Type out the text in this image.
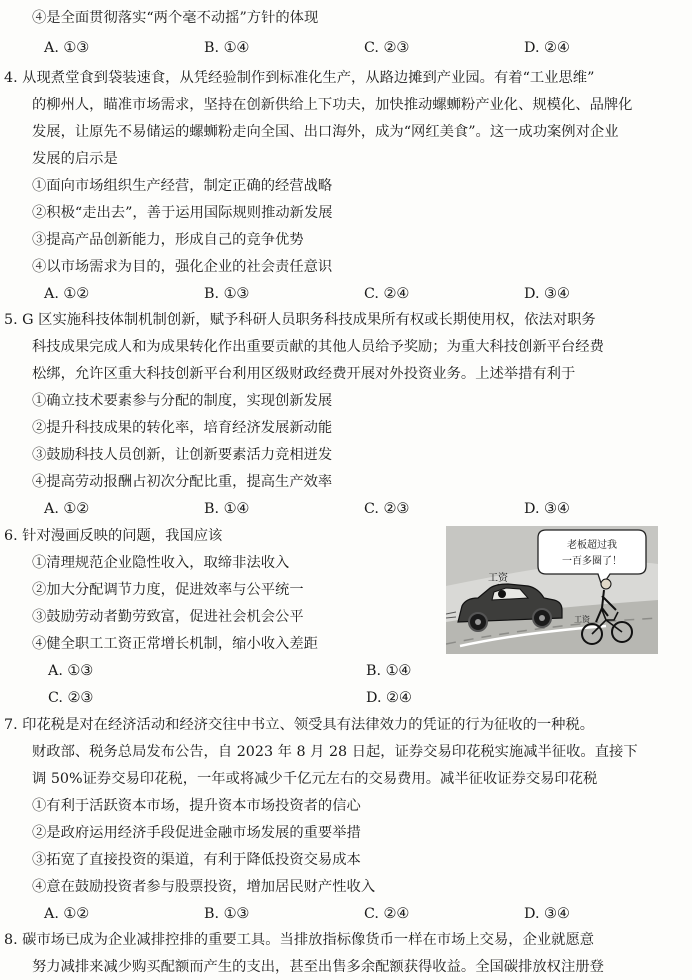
④是全面贯彻落实“两个毫不动摇”方针的体现
A. ①③	B. ①④	C. ②③	D. ②④
4. 从现煮堂食到袋装速食，从凭经验制作到标准化生产，从路边摊到产业园。有着“工业思维”
的柳州人，瞄准市场需求，坚持在创新供给上下功夫，加快推动螺蛳粉产业化、规模化、品牌化
发展，让原先不易储运的螺蛳粉走向全国、出口海外，成为“网红美食”。这一成功案例对企业
发展的启示是
①面向市场组织生产经营，制定正确的经营战略
②积极“走出去”，善于运用国际规则推动新发展
③提高产品创新能力，形成自己的竞争优势
④以市场需求为目的，强化企业的社会责任意识
A. ①②	B. ①③	C. ②④	D. ③④
5. G 区实施科技体制机制创新，赋予科研人员职务科技成果所有权或长期使用权，依法对职务
科技成果完成人和为成果转化作出重要贡献的其他人员给予奖励；为重大科技创新平台经费
松绑，允许区重大科技创新平台利用区级财政经费开展对外投资业务。上述举措有利于
①确立技术要素参与分配的制度，实现创新发展
②提升科技成果的转化率，培育经济发展新动能
③鼓励科技人员创新，让创新要素活力竞相迸发
④提高劳动报酬占初次分配比重，提高生产效率
A. ①②	B. ①④	C. ②③	D. ③④
6. 针对漫画反映的问题，我国应该
①清理规范企业隐性收入，取缔非法收入
②加大分配调节力度，促进效率与公平统一
③鼓励劳动者勤劳致富，促进社会机会公平
④健全职工工资正常增长机制，缩小收入差距
A. ①③	B. ①④
C. ②③	D. ②④
老板超过我
一百多圈了！
工资
工资
7. 印花税是对在经济活动和经济交往中书立、领受具有法律效力的凭证的行为征收的一种税。
财政部、税务总局发布公告，自 2023 年 8 月 28 日起，证券交易印花税实施减半征收。直接下
调 50%证券交易印花税，一年或将减少千亿元左右的交易费用。减半征收证券交易印花税
①有利于活跃资本市场，提升资本市场投资者的信心
②是政府运用经济手段促进金融市场发展的重要举措
③拓宽了直接投资的渠道，有利于降低投资交易成本
④意在鼓励投资者参与股票投资，增加居民财产性收入
A. ①②	B. ①③	C. ②④	D. ③④
8. 碳市场已成为企业减排控排的重要工具。当排放指标像货币一样在市场上交易，企业就愿意
努力减排来减少购买配额而产生的支出，甚至出售多余配额获得收益。全国碳排放权注册登
